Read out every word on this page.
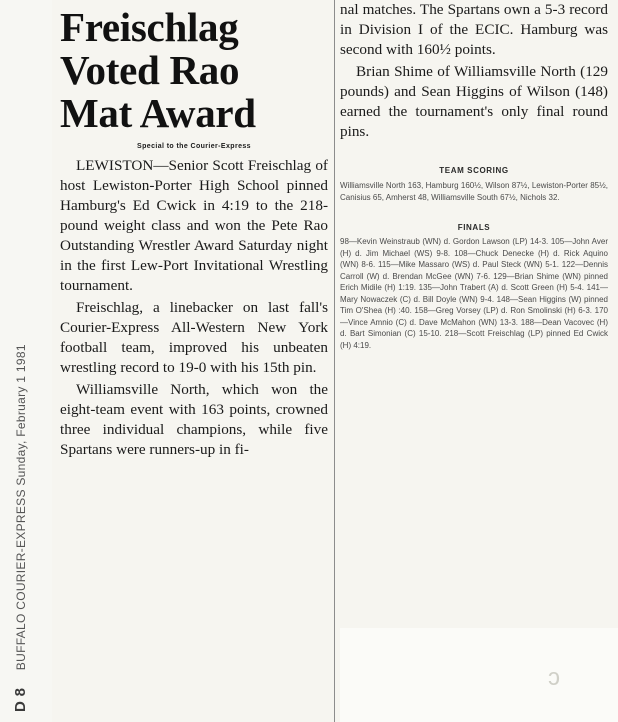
D 8 BUFFALO COURIER-EXPRESS Sunday, February 1 1981
Freischlag
Voted Rao
Mat Award
Special to the Courier-Express

LEWISTON—Senior Scott Freischlag of host Lewiston-Porter High School pinned Hamburg's Ed Cwick in 4:19 to the 218-pound weight class and won the Pete Rao Outstanding Wrestler Award Saturday night in the first Lew-Port Invitational Wrestling tournament.

Freischlag, a linebacker on last fall's Courier-Express All-Western New York football team, improved his unbeaten wrestling record to 19-0 with his 15th pin.

Williamsville North, which won the eight-team event with 163 points, crowned three individual champions, while five Spartans were runners-up in fi-

nal matches. The Spartans own a 5-3 record in Division I of the ECIC. Hamburg was second with 160½ points.

Brian Shime of Williamsville North (129 pounds) and Sean Higgins of Wilson (148) earned the tournament's only final round pins.

TEAM SCORING

Williamsville North 163, Hamburg 160½, Wilson 87½, Lewiston-Porter 85½, Canisius 65, Amherst 48, Williamsville South 67½, Nichols 32.

FINALS

98—Kevin Weinstraub (WN) d. Gordon Lawson (LP) 14-3. 105—John Aver (H) d. Jim Michael (WS) 9-8. 108—Chuck Denecke (H) d. Rick Aquino (WN) 8-6. 115—Mike Massaro (WS) d. Paul Steck (WN) 5-1. 122—Dennis Carroll (W) d. Brendan McGee (WN) 7-6. 129—Brian Shime (WN) pinned Erich Midile (H) 1:19. 135—John Trabert (A) d. Scott Green (H) 5-4. 141—Mary Nowaczek (C) d. Bill Doyle (WN) 9-4. 148—Sean Higgins (W) pinned Tim O'Shea (H) :40. 158—Greg Vorsey (LP) d. Ron Smolinski (H) 6-3. 170—Vince Amnio (C) d. Dave McMahon (WN) 13-3. 188—Dean Vacovec (H) d. Bart Simonian (C) 15-10. 218—Scott Freischlag (LP) pinned Ed Cwick (H) 4:19.

ɔ
